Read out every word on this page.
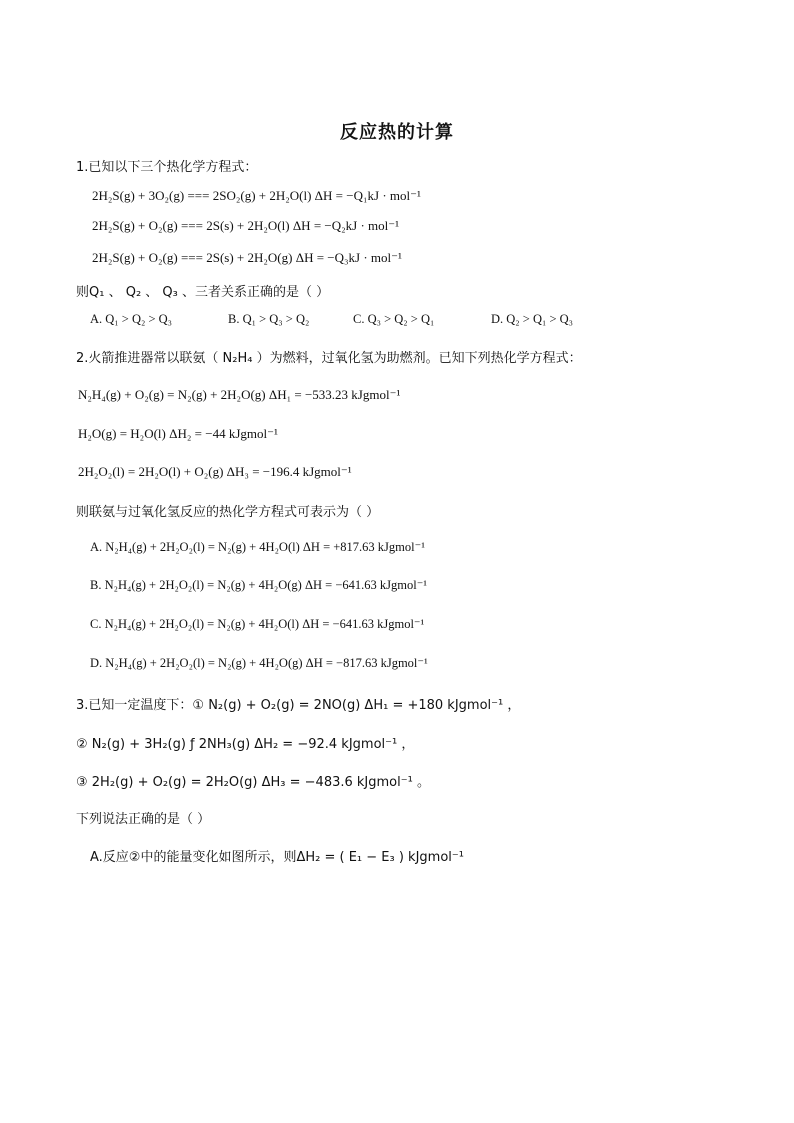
反应热的计算
1.已知以下三个热化学方程式：
2H₂S(g) + 3O₂(g) === 2SO₂(g) + 2H₂O(l) ΔH = −Q₁kJ · mol⁻¹
2H₂S(g) + O₂(g) === 2S(s) + 2H₂O(l) ΔH = −Q₂kJ · mol⁻¹
2H₂S(g) + O₂(g) === 2S(s) + 2H₂O(g) ΔH = −Q₃kJ · mol⁻¹
则Q₁ 、 Q₂ 、 Q₃ 、三者关系正确的是（ ）
A. Q₁ > Q₂ > Q₃	B. Q₁ > Q₃ > Q₂	C. Q₃ > Q₂ > Q₁	D. Q₂ > Q₁ > Q₃
2.火箭推进器常以联氨（ N₂H₄ ）为燃料，过氧化氢为助燃剂。已知下列热化学方程式：
N₂H₄(g) + O₂(g) = N₂(g) + 2H₂O(g) ΔH₁ = −533.23 kJgmol⁻¹
H₂O(g) = H₂O(l) ΔH₂ = −44 kJgmol⁻¹
2H₂O₂(l) = 2H₂O(l) + O₂(g) ΔH₃ = −196.4 kJgmol⁻¹
则联氨与过氧化氢反应的热化学方程式可表示为（ ）
A. N₂H₄(g) + 2H₂O₂(l) = N₂(g) + 4H₂O(l) ΔH = +817.63 kJgmol⁻¹
B. N₂H₄(g) + 2H₂O₂(l) = N₂(g) + 4H₂O(g) ΔH = −641.63 kJgmol⁻¹
C. N₂H₄(g) + 2H₂O₂(l) = N₂(g) + 4H₂O(l) ΔH = −641.63 kJgmol⁻¹
D. N₂H₄(g) + 2H₂O₂(l) = N₂(g) + 4H₂O(g) ΔH = −817.63 kJgmol⁻¹
3.已知一定温度下：① N₂(g) + O₂(g) = 2NO(g) ΔH₁ = +180 kJgmol⁻¹ ，
② N₂(g) + 3H₂(g) ƒ 2NH₃(g) ΔH₂ = −92.4 kJgmol⁻¹ ，
③ 2H₂(g) + O₂(g) = 2H₂O(g) ΔH₃ = −483.6 kJgmol⁻¹ 。
下列说法正确的是（ ）
A.反应②中的能量变化如图所示，则ΔH₂ = ( E₁ − E₃ ) kJgmol⁻¹
